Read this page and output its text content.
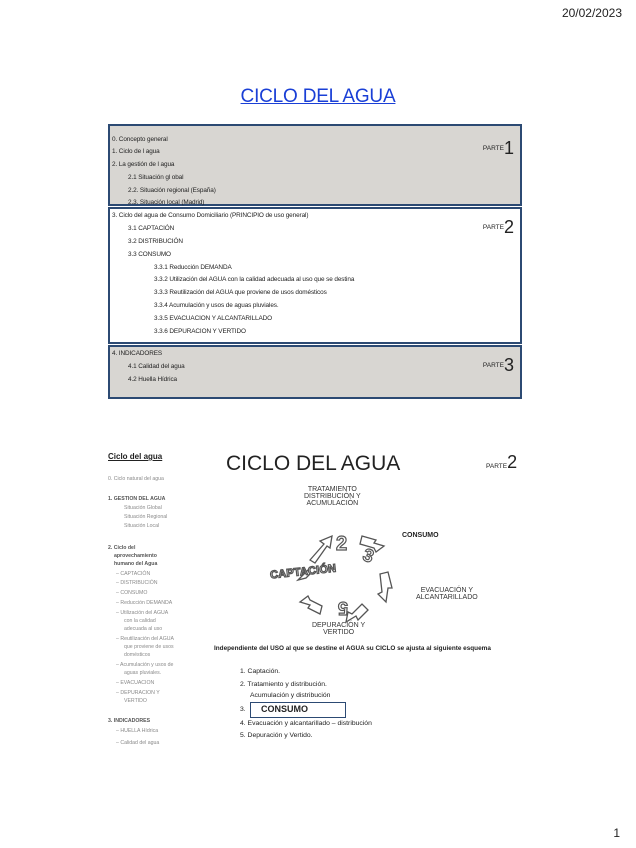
20/02/2023
CICLO DEL AGUA
0. Concepto general
1. Ciclo de l agua
2. La gestión de l agua
2.1 Situación gl obal
2.2. Situación regional (España)
2.3. Situación local (Madrid)
PARTE1
3. Ciclo del agua de Consumo Domiciliario (PRINCIPIO de uso general)
3.1 CAPTACIÓN
3.2 DISTRIBUCIÓN
3.3 CONSUMO
3.3.1 Reducción DEMANDA
3.3.2 Utilización del AGUA con la calidad adecuada al uso que se destina
3.3.3 Reutilización del AGUA que proviene de usos domésticos
3.3.4 Acumulación y usos de aguas pluviales.
3.3.5 EVACUACION Y ALCANTARILLADO
3.3.6 DEPURACION Y VERTIDO
PARTE2
4. INDICADORES
4.1 Calidad del agua
4.2 Huella Hídrica
PARTE3
Ciclo del agua
0. Ciclo natural del agua
1. GESTION DEL AGUA
Situación Global
Situación Regional
Situación Local
2. Ciclo del
aprovechamiento
humano del Agua
– CAPTACIÓN
– DISTRIBUCIÓN
– CONSUMO
– Reducción DEMANDA
– Utilización del AGUA
con la calidad
adecuada al uso
– Reutilización del AGUA
que proviene de usos
domésticos
– Acumulación y usos de
aguas pluviales.
– EVACUACION
– DEPURACION Y
VERTIDO
3. INDICADORES
– HUELLA Hídrica
– Calidad del agua
CICLO DEL AGUA	PARTE2
2
3
5
TRATAMIENTO
DISTRIBUCIÓN Y
ACUMULACIÓN
CONSUMO
EVACUACIÓN Y
ALCANTARILLADO
DEPURACIÓN Y
VERTIDO
CAPTACIÓN
Independiente del USO al que se destine el AGUA su CICLO se ajusta al siguiente esquema
1. Captación.
2. Tratamiento y distribución.
Acumulación y distribución
3.	CONSUMO
4. Evacuación y alcantarillado – distribución
5. Depuración y Vertido.
1
